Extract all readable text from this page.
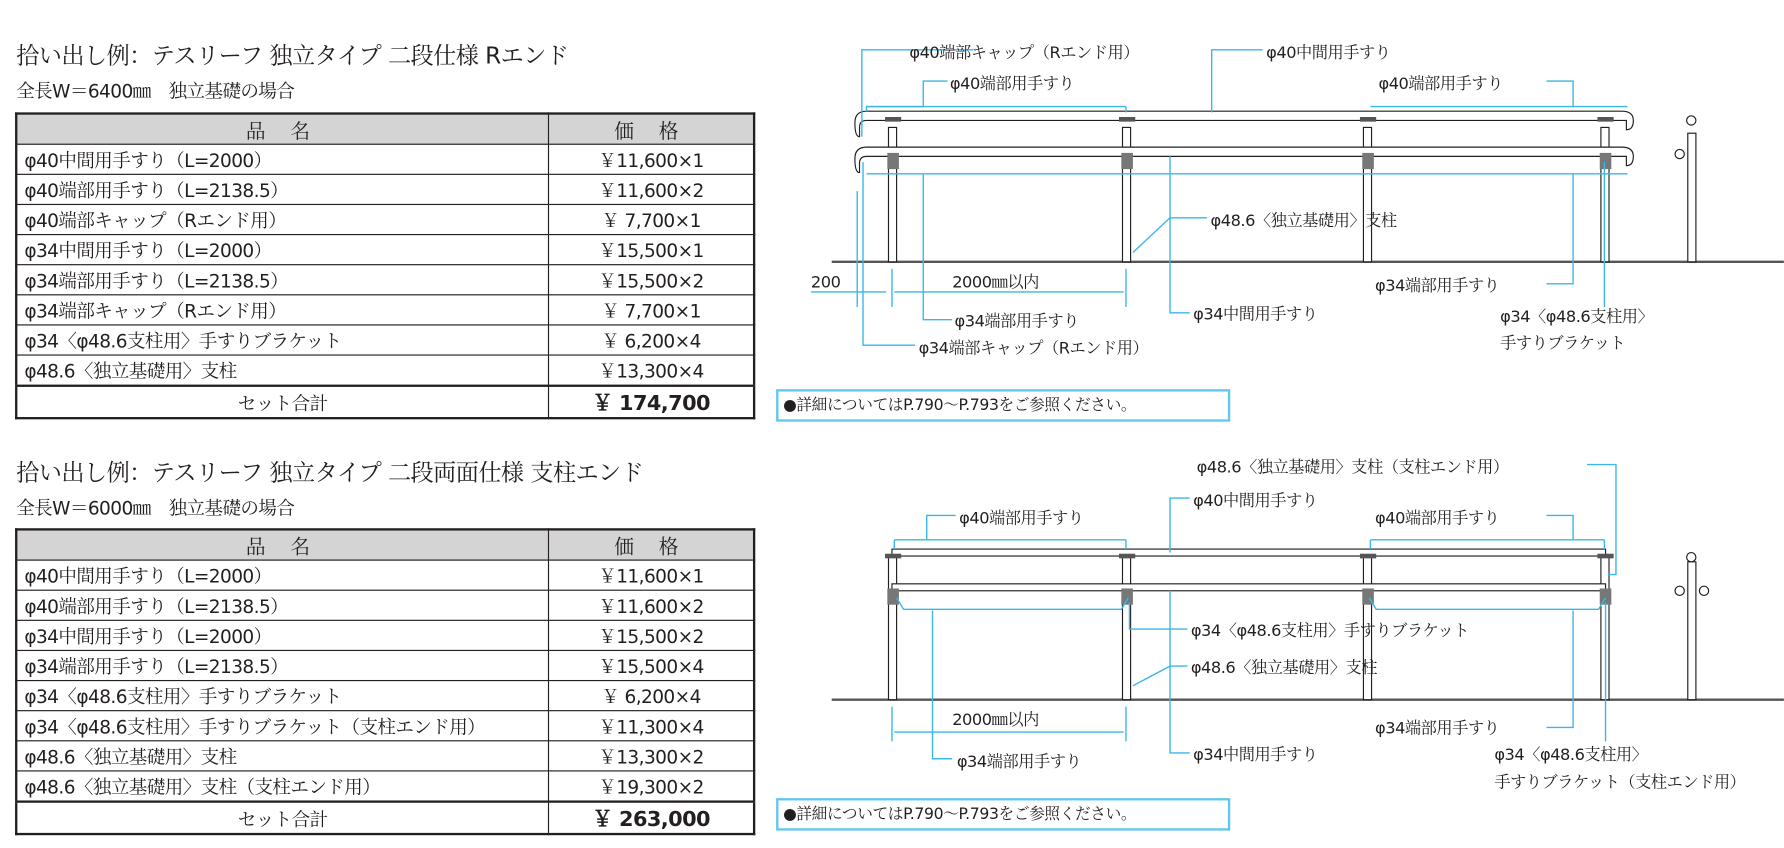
拾い出し例：テスリーフ 独立タイプ 二段仕様 Rエンド
全長W＝6400㎜　独立基礎の場合
品 名	価 格
φ40中間用手すり（L=2000）	￥11,600×1
φ40端部用手すり（L=2138.5）	￥11,600×2
φ40端部キャップ（Rエンド用）	￥ 7,700×1
φ34中間用手すり（L=2000）	￥15,500×1
φ34端部用手すり（L=2138.5）	￥15,500×2
φ34端部キャップ（Rエンド用）	￥ 7,700×1
φ34〈φ48.6支柱用〉手すりブラケット	￥ 6,200×4
φ48.6〈独立基礎用〉支柱	￥13,300×4
セット合計	￥ 174,700	●詳細についてはP.790〜P.793をご参照ください。
拾い出し例：テスリーフ 独立タイプ 二段両面仕様 支柱エンド
全長W＝6000㎜　独立基礎の場合
品 名	価 格
φ40中間用手すり（L=2000）	￥11,600×1
φ40端部用手すり（L=2138.5）	￥11,600×2
φ34中間用手すり（L=2000）	￥15,500×2
φ34端部用手すり（L=2138.5）	￥15,500×4
φ34〈φ48.6支柱用〉手すりブラケット	￥ 6,200×4
φ34〈φ48.6支柱用〉手すりブラケット（支柱エンド用）	￥11,300×4
φ48.6〈独立基礎用〉支柱	￥13,300×2
φ48.6〈独立基礎用〉支柱（支柱エンド用）	￥19,300×2
セット合計	￥ 263,000	●詳細についてはP.790〜P.793をご参照ください。
φ40端部キャップ（Rエンド用）	φ40中間用手すり
φ40端部用手すり	φ40端部用手すり
φ48.6〈独立基礎用〉支柱
200	2000㎜以内	φ34端部用手すり
φ34端部用手すり	φ34中間用手すり	φ34〈φ48.6支柱用〉
手すりブラケット
φ34端部キャップ（Rエンド用）
φ48.6〈独立基礎用〉支柱（支柱エンド用）
φ40中間用手すり
φ40端部用手すり	φ40端部用手すり
φ34〈φ48.6支柱用〉手すりブラケット
φ48.6〈独立基礎用〉支柱
2000㎜以内	φ34端部用手すり
φ34端部用手すり	φ34中間用手すり	φ34〈φ48.6支柱用〉
手すりブラケット（支柱エンド用）
